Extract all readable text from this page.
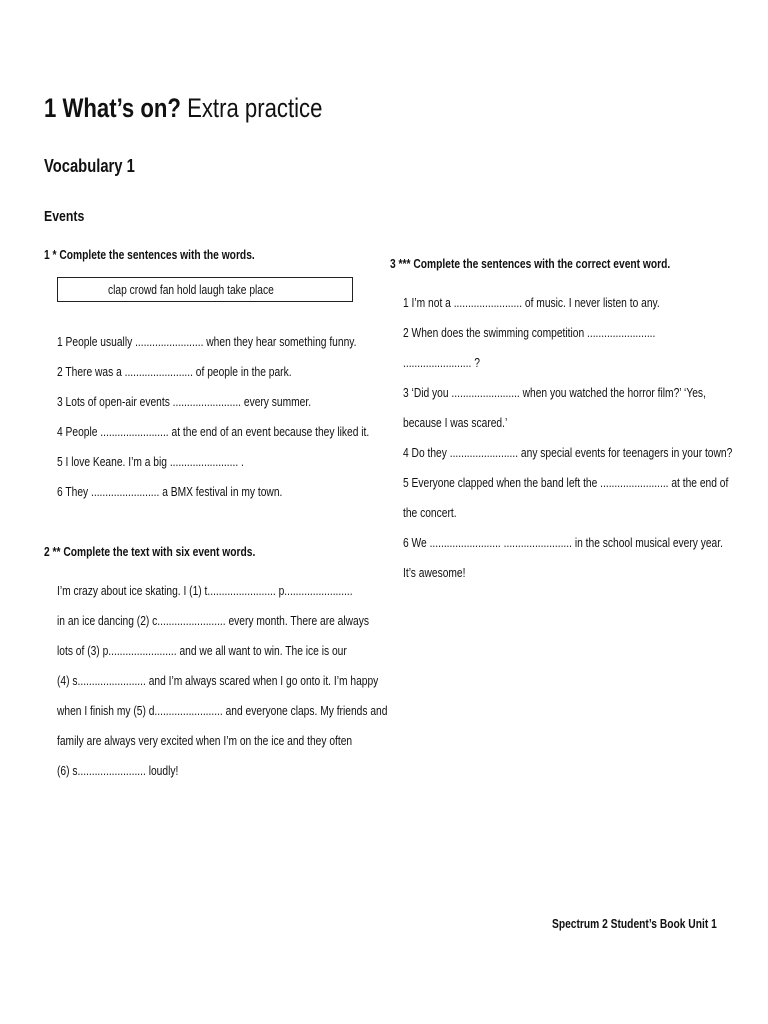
1 What’s on? Extra practice
Vocabulary 1
Events
1 * Complete the sentences with the words.
clap crowd fan hold laugh take place
1 People usually ........................ when they hear something funny.
2 There was a ........................ of people in the park.
3 Lots of open-air events ........................ every summer.
4 People ........................ at the end of an event because they liked it.
5 I love Keane. I’m a big ........................ .
6 They ........................ a BMX festival in my town.
2 ** Complete the text with six event words.
I’m crazy about ice skating. I (1) t........................ p........................
in an ice dancing (2) c........................ every month. There are always
lots of (3) p........................ and we all want to win. The ice is our
(4) s........................ and I’m always scared when I go onto it. I’m happy
when I finish my (5) d........................ and everyone claps. My friends and
family are always very excited when I’m on the ice and they often
(6) s........................ loudly!
3 *** Complete the sentences with the correct event word.
1 I’m not a ........................ of music. I never listen to any.
2 When does the swimming competition ........................
........................ ?
3 ‘Did you ........................ when you watched the horror film?’ ‘Yes,
because I was scared.’
4 Do they ........................ any special events for teenagers in your town?
5 Everyone clapped when the band left the ........................ at the end of
the concert.
6 We ......................... ........................ in the school musical every year.
It’s awesome!
Spectrum 2 Student’s Book Unit 1
